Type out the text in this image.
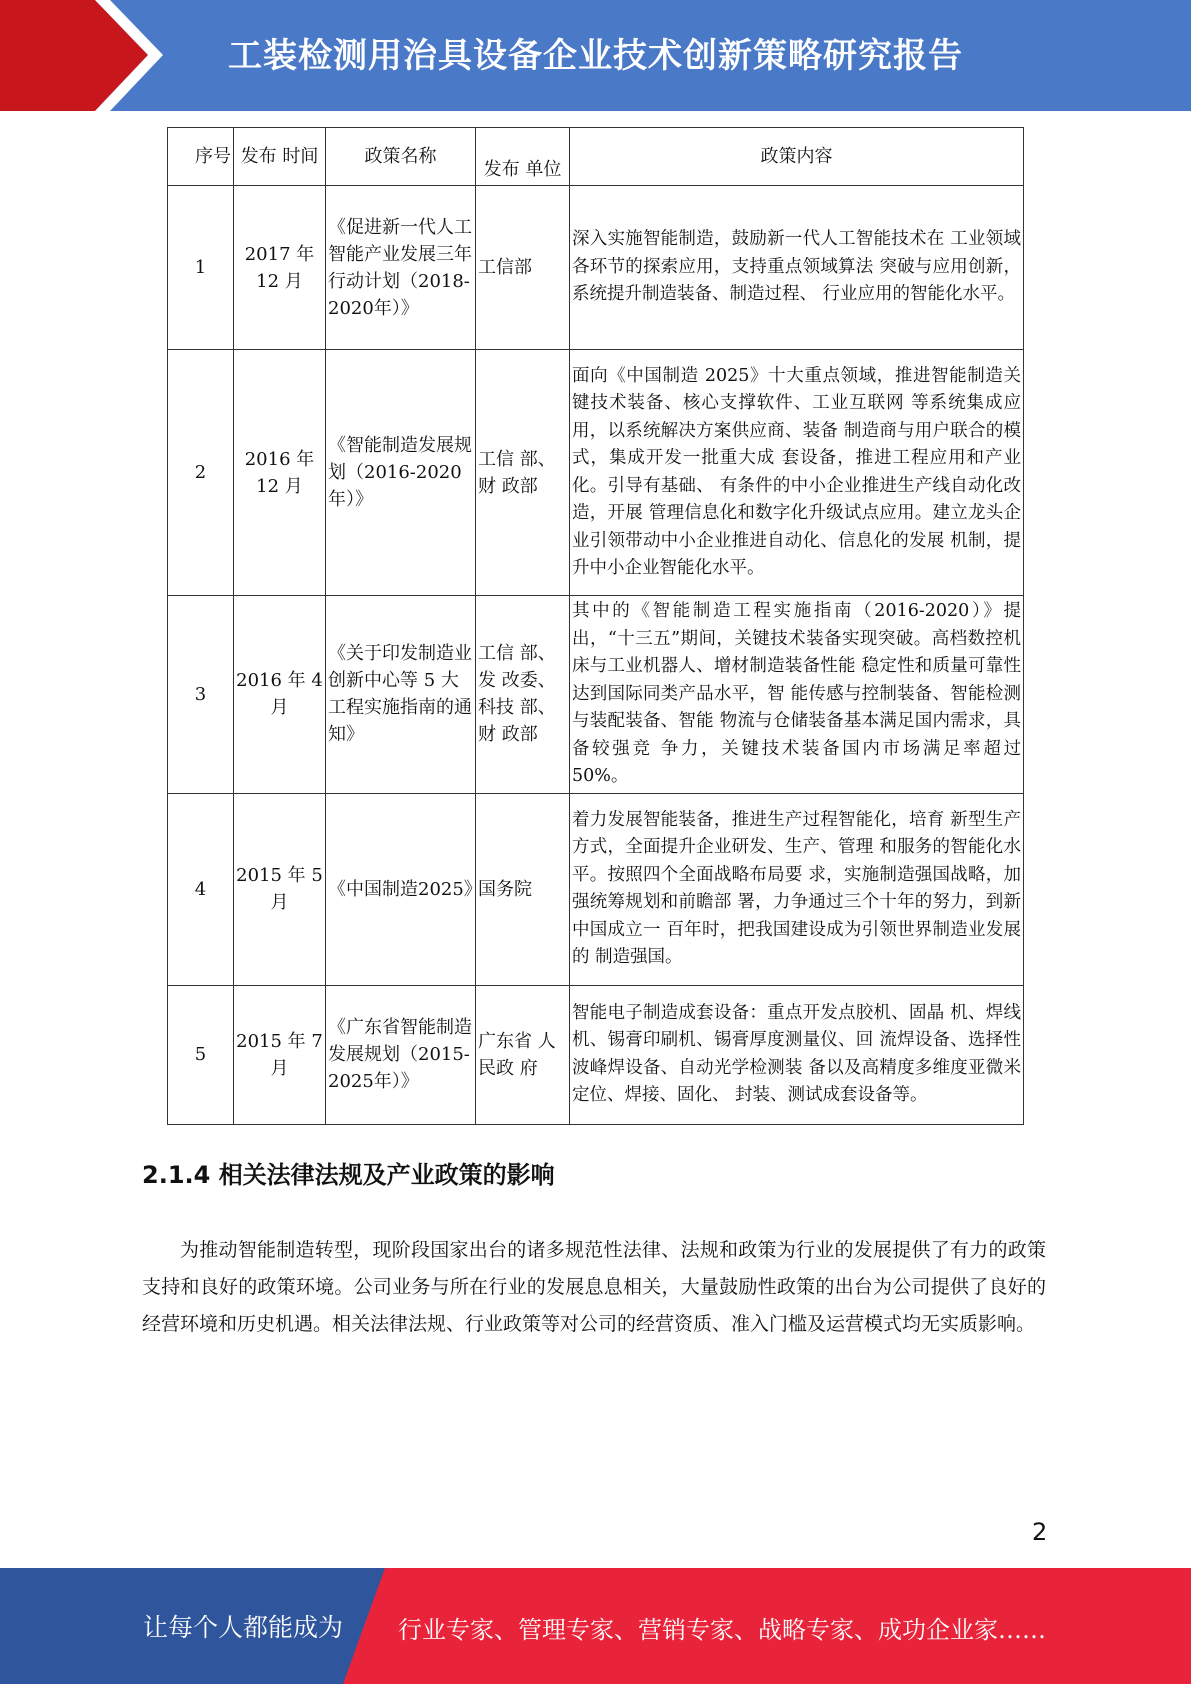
工装检测用治具设备企业技术创新策略研究报告
序号	发布 时间	政策名称	发布 单位	政策内容
1	2017 年 12 月	《促进新一代人工智能产业发展三年行动计划（2018-2020年）》	工信部	深入实施智能制造，鼓励新一代人工智能技术在 工业领域各环节的探索应用，支持重点领域算法 突破与应用创新，系统提升制造装备、制造过程、 行业应用的智能化水平。
2	2016 年 12 月	《智能制造发展规划（2016-2020年）》	工信 部、财 政部	面向《中国制造 2025》十大重点领域，推进智能制造关键技术装备、核心支撑软件、工业互联网 等系统集成应用，以系统解决方案供应商、装备 制造商与用户联合的模式，集成开发一批重大成 套设备，推进工程应用和产业化。引导有基础、 有条件的中小企业推进生产线自动化改造，开展 管理信息化和数字化升级试点应用。建立龙头企 业引领带动中小企业推进自动化、信息化的发展 机制，提升中小企业智能化水平。
3	2016 年 4 月	《关于印发制造业创新中心等 5 大工程实施指南的通知》	工信 部、发 改委、科技 部、财 政部	其中的《智能制造工程实施指南（2016-2020）》提出，“十三五”期间，关键技术装备实现突破。高档数控机床与工业机器人、增材制造装备性能 稳定性和质量可靠性达到国际同类产品水平，智 能传感与控制装备、智能检测与装配装备、智能 物流与仓储装备基本满足国内需求，具备较强竞 争力，关键技术装备国内市场满足率超过 50%。
4	2015 年 5 月	《中国制造2025》	国务院	着力发展智能装备，推进生产过程智能化，培育 新型生产方式，全面提升企业研发、生产、管理 和服务的智能化水平。按照四个全面战略布局要 求，实施制造强国战略，加强统筹规划和前瞻部 署，力争通过三个十年的努力，到新中国成立一 百年时，把我国建设成为引领世界制造业发展的 制造强国。
5	2015 年 7 月	《广东省智能制造发展规划（2015-2025年）》	广东省 人民政 府	智能电子制造成套设备：重点开发点胶机、固晶 机、焊线机、锡膏印刷机、锡膏厚度测量仪、回 流焊设备、选择性波峰焊设备、自动光学检测装 备以及高精度多维度亚微米定位、焊接、固化、 封装、测试成套设备等。
2.1.4 相关法律法规及产业政策的影响

为推动智能制造转型，现阶段国家出台的诸多规范性法律、法规和政策为行业的发展提供了有力的政策支持和良好的政策环境。公司业务与所在行业的发展息息相关，大量鼓励性政策的出台为公司提供了良好的经营环境和历史机遇。相关法律法规、行业政策等对公司的经营资质、准入门槛及运营模式均无实质影响。

2
让每个人都能成为 行业专家、管理专家、营销专家、战略专家、成功企业家……
